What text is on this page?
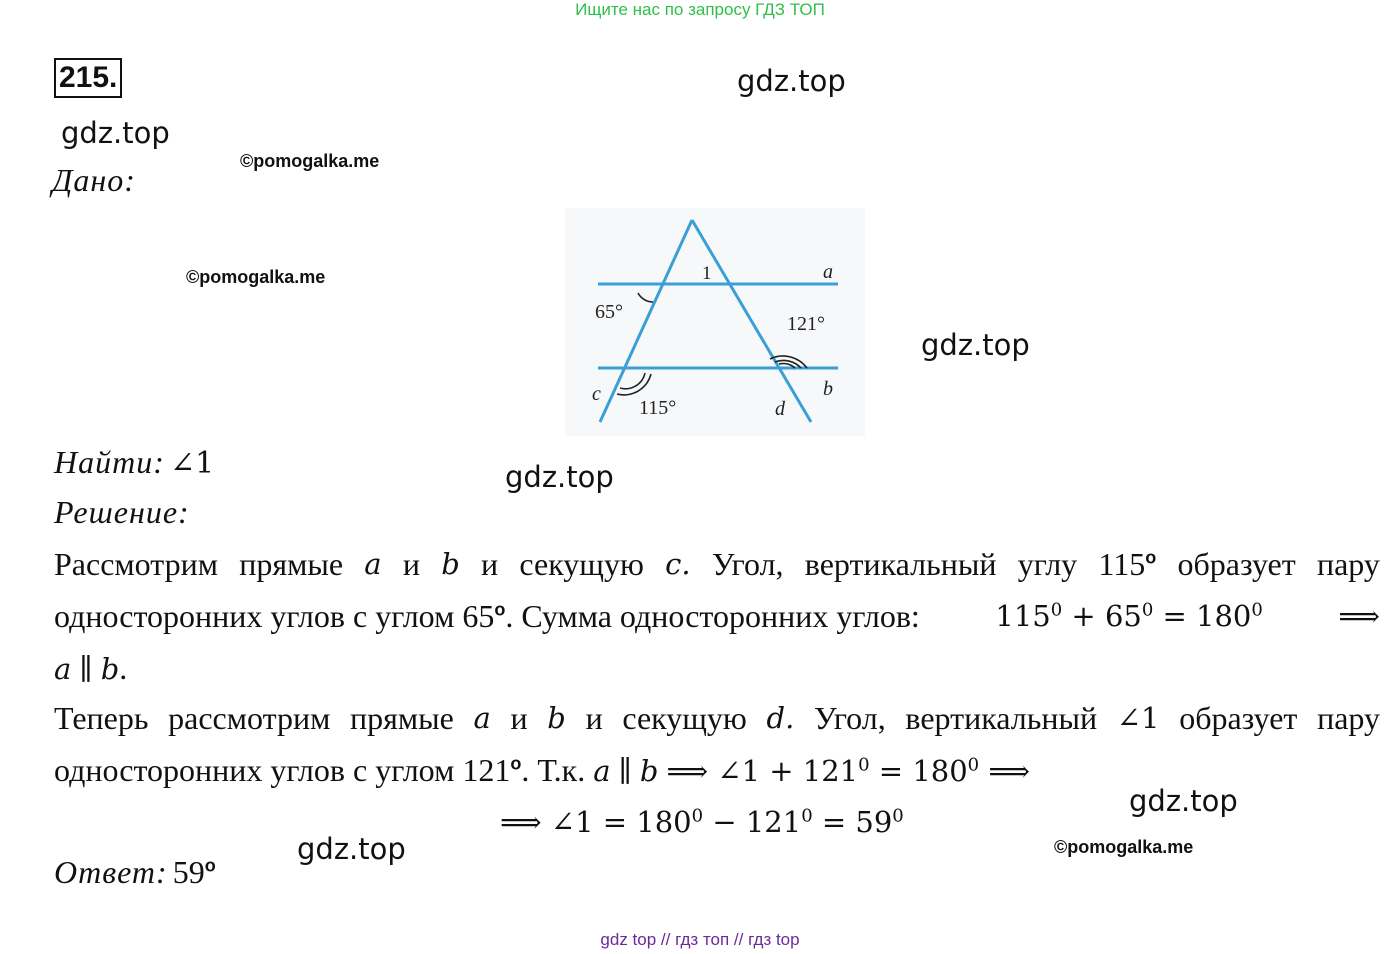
Ищите нас по запросу ГДЗ ТОП
215.	gdz.top
gdz.top
©pomogalka.me
Дано:
©pomogalka.me
gdz.top
1	a
65°
121°
c	b
115°	d
Найти: ∠1	gdz.top
Решение:
Рассмотрим прямые a и b и секущую c. Угол, вертикальный углу 115$^o$ образует пару
односторонних углов с углом 65$^o$. Сумма односторонних углов:	$115^0 + 65^0 = 180^0$	⟹
a ∥ b.
Теперь рассмотрим прямые a и b и секущую d. Угол, вертикальный ∠1 образует пару
односторонних углов с углом 121$^o$. Т.к. a ∥ b ⟹ ∠1 + $121^0 = 180^0$ ⟹
gdz.top
⟹ ∠1 = $180^0 - 121^0 = 59^0$
©pomogalka.me
gdz.top
Ответ: 59$^o$
gdz top // гдз топ // гдз top
